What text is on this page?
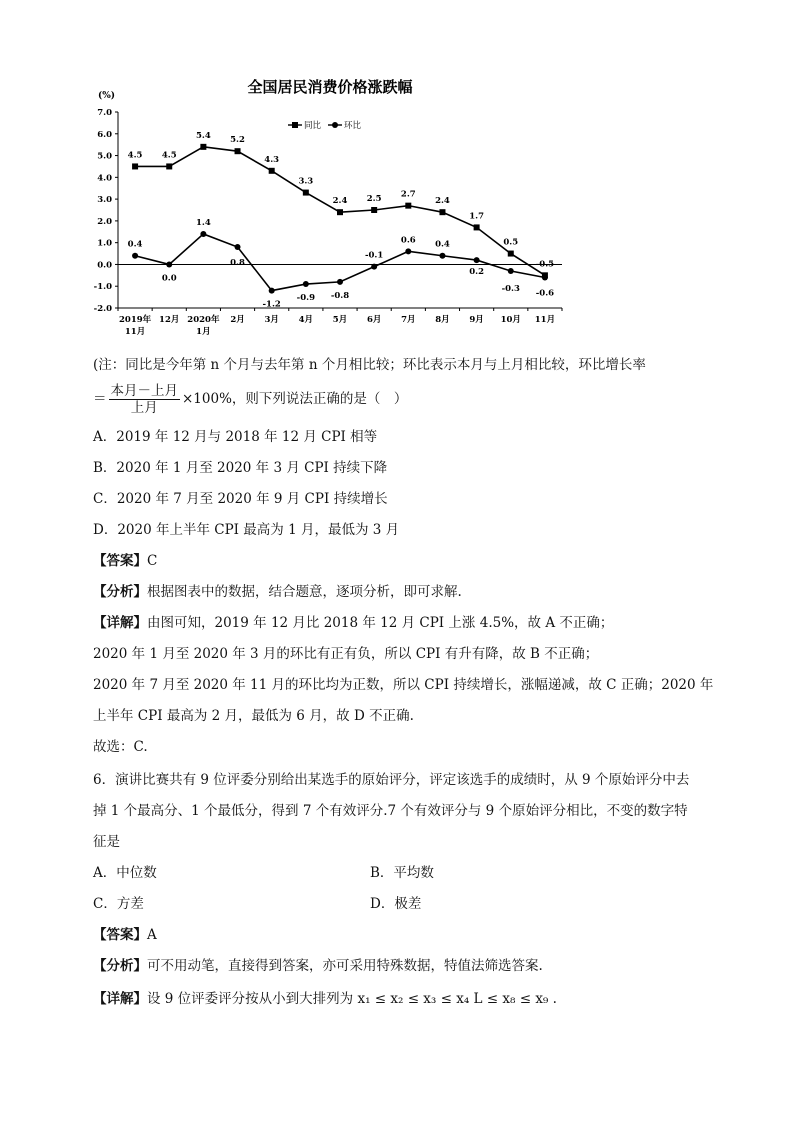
全国居民消费价格涨跌幅
(%)
7.0
6.0
5.0
4.0
3.0
2.0
1.0
0.0
-1.0
-2.0
2019年
11月
12月 2020年
1月
2月 3月 4月 5月 6月 7月 8月 9月 10月 11月
4.5 4.5
5.4 5.2
4.3
3.3
2.4 2.5 2.7
2.4
1.7
0.5
-0.5
0.4
0.0
1.4
0.8
-1.2
-0.9 -0.8
-0.1
0.6 0.4
0.2
-0.3 -0.6
同比	环比
(注：同比是今年第 n 个月与去年第 n 个月相比较；环比表示本月与上月相比较，环比增长率
＝ $\frac{\text{本月－上月}}{\text{上月}} \times 100\%$，则下列说法正确的是（　）
A．2019 年 12 月与 2018 年 12 月 CPI 相等
B．2020 年 1 月至 2020 年 3 月 CPI 持续下降
C．2020 年 7 月至 2020 年 9 月 CPI 持续增长
D．2020 年上半年 CPI 最高为 1 月，最低为 3 月
【答案】C
【分析】根据图表中的数据，结合题意，逐项分析，即可求解.
【详解】由图可知，2019 年 12 月比 2018 年 12 月 CPI 上涨 4.5%，故 A 不正确；
2020 年 1 月至 2020 年 3 月的环比有正有负，所以 CPI 有升有降，故 B 不正确；
2020 年 7 月至 2020 年 11 月的环比均为正数，所以 CPI 持续增长，涨幅递减，故 C 正确；2020 年
上半年 CPI 最高为 2 月，最低为 6 月，故 D 不正确.
故选：C.
6．演讲比赛共有 9 位评委分别给出某选手的原始评分，评定该选手的成绩时，从 9 个原始评分中去
掉 1 个最高分、1 个最低分，得到 7 个有效评分.7 个有效评分与 9 个原始评分相比，不变的数字特
征是
A．中位数	B．平均数
C．方差	D．极差
【答案】A
【分析】可不用动笔，直接得到答案，亦可采用特殊数据，特值法筛选答案.
【详解】设 9 位评委评分按从小到大排列为 x₁ ≤ x₂ ≤ x₃ ≤ x₄ L ≤ x₈ ≤ x₉ .
